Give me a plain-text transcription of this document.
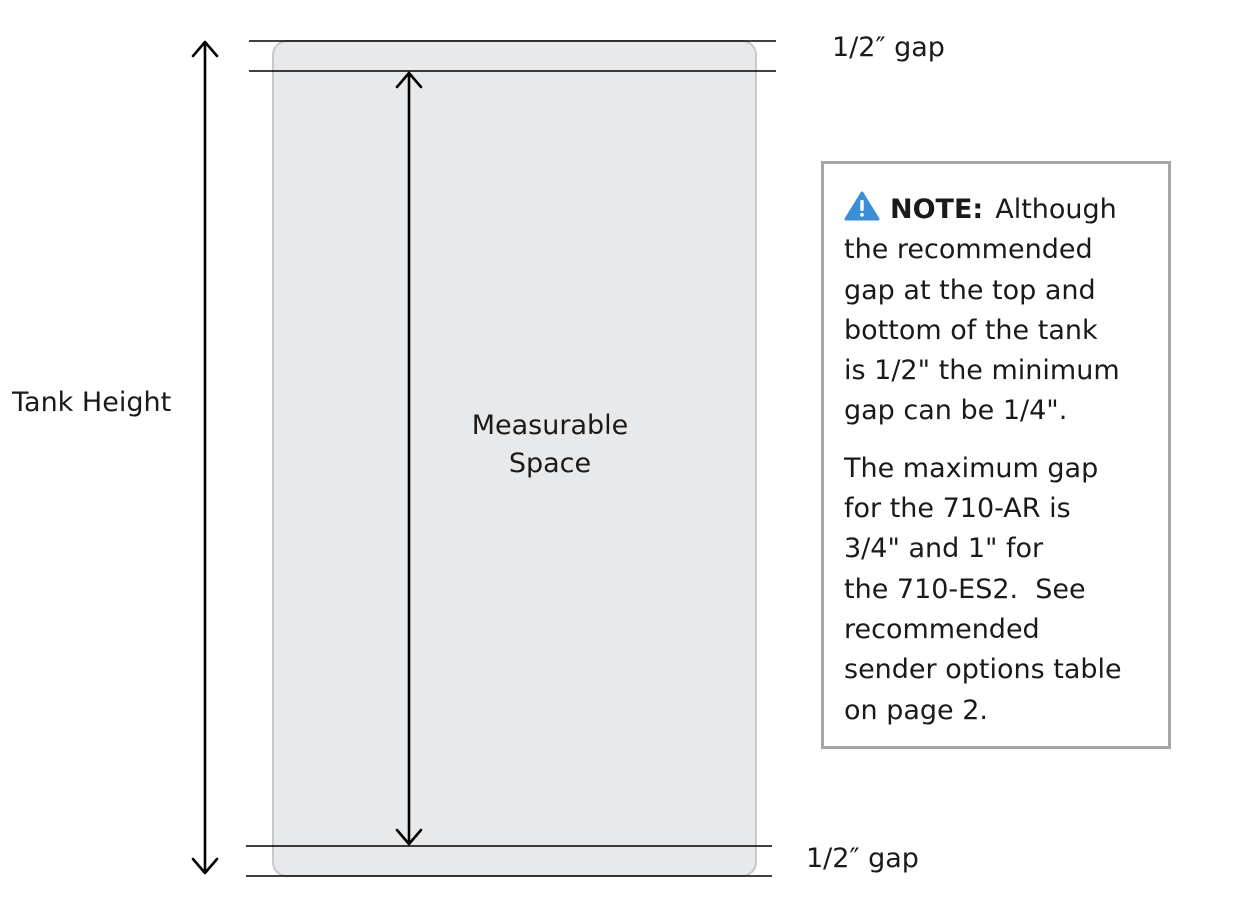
Tank Height
1/2″ gap
1/2″ gap
Measurable
Space

NOTE: Although
the recommended
gap at the top and
bottom of the tank
is 1/2" the minimum
gap can be 1/4".

The maximum gap
for the 710-AR is
3/4" and 1" for
the 710-ES2.  See
recommended
sender options table
on page 2.
